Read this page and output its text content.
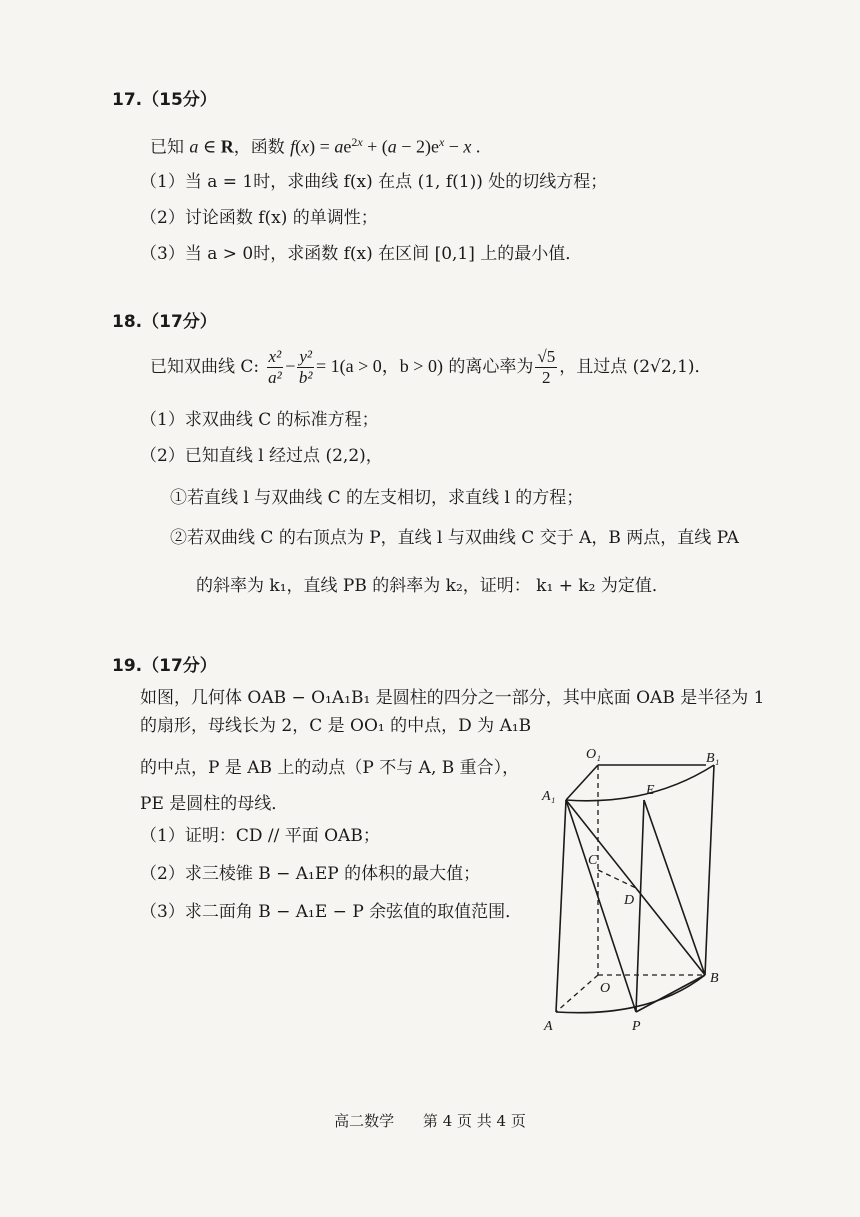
17.（15分）
已知 a ∈ R，函数 $f(x) = ae^{2x} + (a - 2)e^x - x$ .
（1）当 a = 1时，求曲线 f(x) 在点 (1, f(1)) 处的切线方程；
（2）讨论函数 f(x) 的单调性；
（3）当 a > 0时，求函数 f(x) 在区间 [0,1] 上的最小值．
18.（17分）
已知双曲线 C: $\frac{\text{x²}}{\text{a²}} - \frac{\text{y²}}{\text{b²}} = 1(a > 0$，b > 0) 的离心率为 $\frac{√5}{2}$ ，且过点 (2√2,1)．
（1）求双曲线 C 的标准方程；
（2）已知直线 l 经过点 (2,2)，
①若直线 l 与双曲线 C 的左支相切，求直线 l 的方程；
②若双曲线 C 的右顶点为 P，直线 l 与双曲线 C 交于 A，B 两点，直线 PA
的斜率为 k₁，直线 PB 的斜率为 k₂，证明： k₁ + k₂ 为定值．
19.（17分）
如图，几何体 OAB − O₁A₁B₁ 是圆柱的四分之一部分，其中底面 OAB 是半径为 1
的扇形，母线长为 2，C 是 OO₁ 的中点，D 为 A₁B
的中点，P 是 AB 上的动点（P 不与 A, B 重合），
PE 是圆柱的母线．
（1）证明：CD // 平面 OAB；
（2）求三棱锥 B − A₁EP 的体积的最大值；
（3）求二面角 B − A₁E − P 余弦值的取值范围．
O₁	B₁
A₁	E
C
D
O
B
A	P
高二数学 第 4 页 共 4 页
